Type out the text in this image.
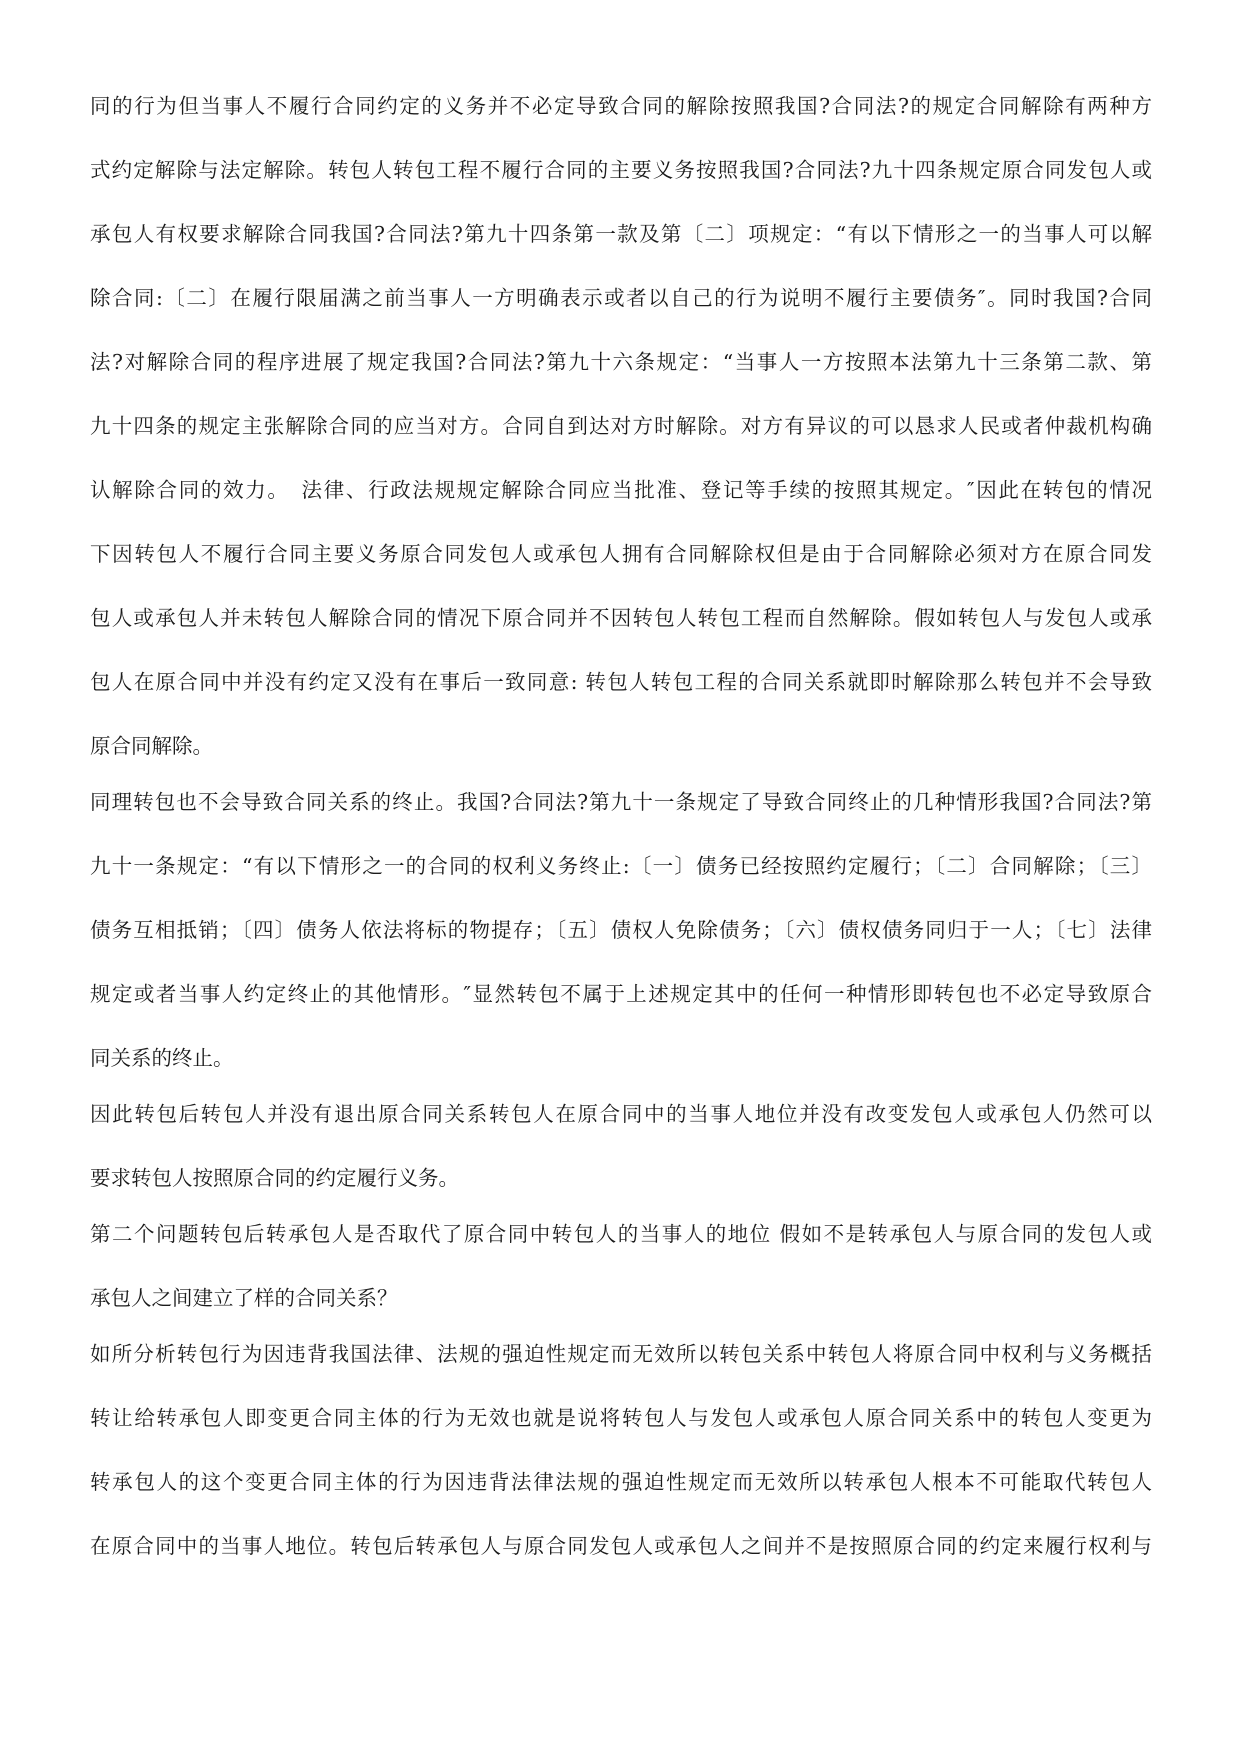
同的行为但当事人不履行合同约定的义务并不必定导致合同的解除按照我国?合同法?的规定合同解除有两种方
式约定解除与法定解除。转包人转包工程不履行合同的主要义务按照我国?合同法?九十四条规定原合同发包人或
承包人有权要求解除合同我国?合同法?第九十四条第一款及第〔二〕项规定：“有以下情形之一的当事人可以解
除合同:〔二〕在履行限届满之前当事人一方明确表示或者以自己的行为说明不履行主要债务″。同时我国?合同
法?对解除合同的程序进展了规定我国?合同法?第九十六条规定：“当事人一方按照本法第九十三条第二款、第
九十四条的规定主张解除合同的应当对方。合同自到达对方时解除。对方有异议的可以恳求人民或者仲裁机构确
认解除合同的效力。　法律、行政法规规定解除合同应当批准、登记等手续的按照其规定。″因此在转包的情况
下因转包人不履行合同主要义务原合同发包人或承包人拥有合同解除权但是由于合同解除必须对方在原合同发
包人或承包人并未转包人解除合同的情况下原合同并不因转包人转包工程而自然解除。假如转包人与发包人或承
包人在原合同中并没有约定又没有在事后一致同意: 转包人转包工程的合同关系就即时解除那么转包并不会导致
原合同解除。
同理转包也不会导致合同关系的终止。我国?合同法?第九十一条规定了导致合同终止的几种情形我国?合同法?第
九十一条规定：“有以下情形之一的合同的权利义务终止:〔一〕债务已经按照约定履行；〔二〕合同解除；〔三〕
债务互相抵销；〔四〕债务人依法将标的物提存；〔五〕债权人免除债务；〔六〕债权债务同归于一人；〔七〕法律
规定或者当事人约定终止的其他情形。″显然转包不属于上述规定其中的任何一种情形即转包也不必定导致原合
同关系的终止。
因此转包后转包人并没有退出原合同关系转包人在原合同中的当事人地位并没有改变发包人或承包人仍然可以
要求转包人按照原合同的约定履行义务。
第二个问题转包后转承包人是否取代了原合同中转包人的当事人的地位 假如不是转承包人与原合同的发包人或
承包人之间建立了样的合同关系？
如所分析转包行为因违背我国法律、法规的强迫性规定而无效所以转包关系中转包人将原合同中权利与义务概括
转让给转承包人即变更合同主体的行为无效也就是说将转包人与发包人或承包人原合同关系中的转包人变更为
转承包人的这个变更合同主体的行为因违背法律法规的强迫性规定而无效所以转承包人根本不可能取代转包人
在原合同中的当事人地位。转包后转承包人与原合同发包人或承包人之间并不是按照原合同的约定来履行权利与
